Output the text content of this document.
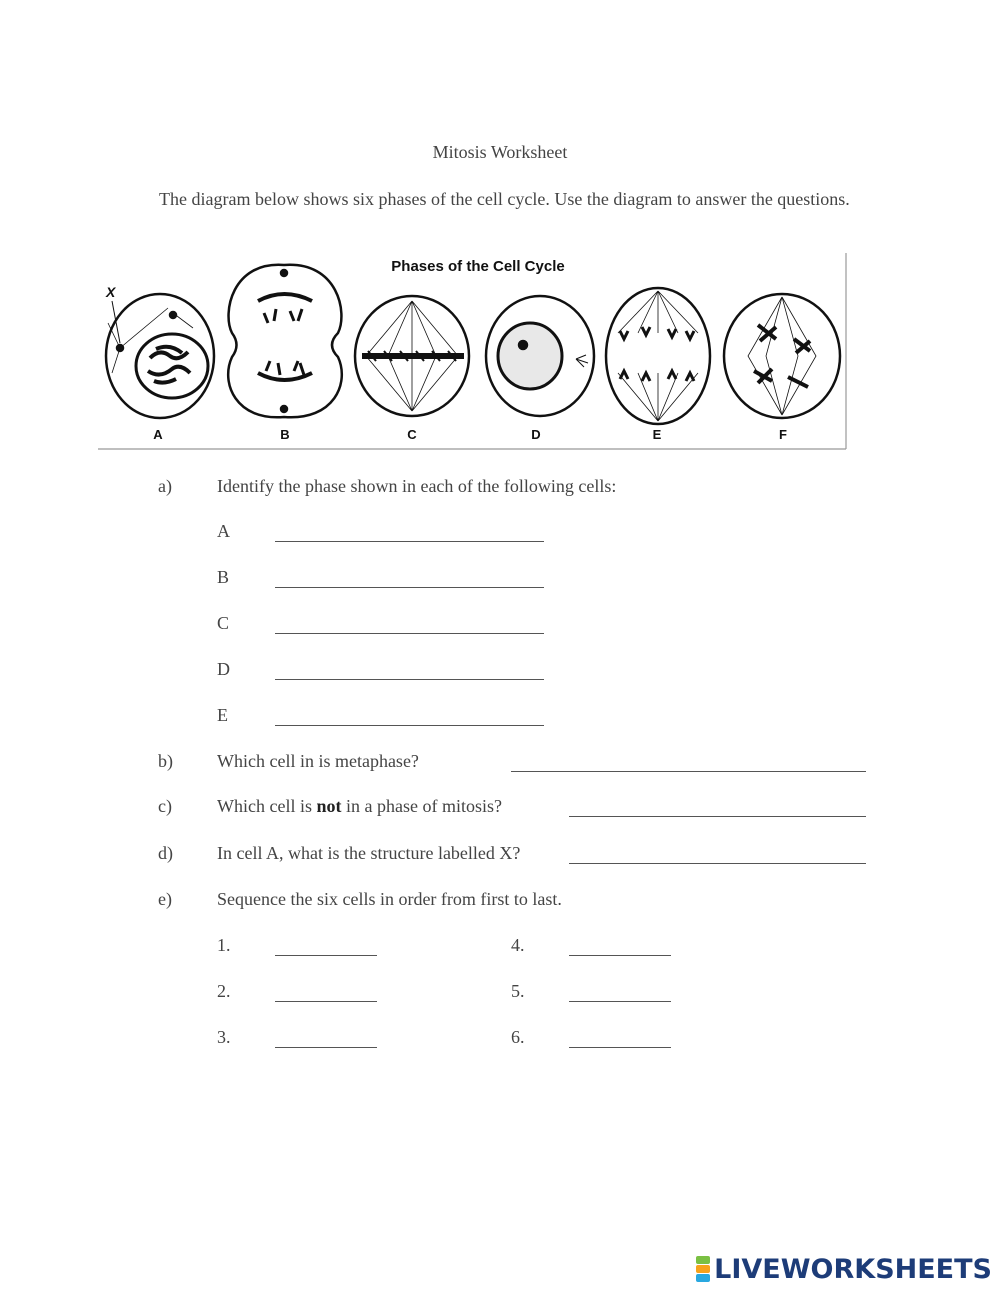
Mitosis Worksheet
The diagram below shows six phases of the cell cycle. Use the diagram to answer the questions.
Phases of the Cell Cycle
X
A	B	C	D	E	F
a)	Identify the phase shown in each of the following cells:
A
B
C
D
E
b) Which cell in is metaphase?
c)	Which cell is not in a phase of mitosis?
d) In cell A, what is the structure labelled X?
e)	Sequence the six cells in order from first to last.
1.
2.
3.
4.
5.
6.
LIVEWORKSHEETS
